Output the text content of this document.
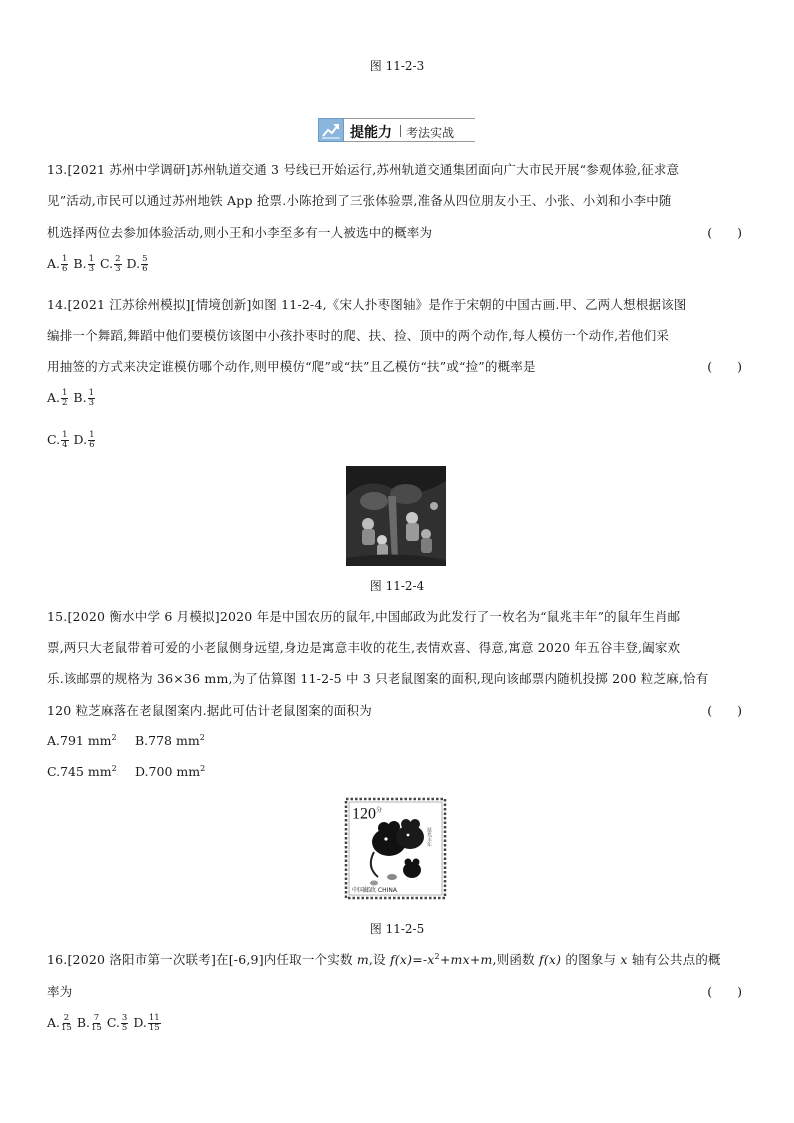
图 11-2-3
提能力 考法实战
13.[2021 苏州中学调研]苏州轨道交通 3 号线已开始运行,苏州轨道交通集团面向广大市民开展“参观体验,征求意
见”活动,市民可以通过苏州地铁 App 抢票.小陈抢到了三张体验票,准备从四位朋友小王、小张、小刘和小李中随
机选择两位去参加体验活动,则小王和小李至多有一人被选中的概率为	(　　)
A. $\frac{1}{6} B$. $\frac{1}{3} C$. $\frac{2}{3} D$. $\frac{5}{6}$
14.[2021 江苏徐州模拟][情境创新]如图 11-2-4,《宋人扑枣图轴》是作于宋朝的中国古画.甲、乙两人想根据该图
编排一个舞蹈,舞蹈中他们要模仿该图中小孩扑枣时的爬、扶、捡、顶中的两个动作,每人模仿一个动作,若他们采
用抽签的方式来决定谁模仿哪个动作,则甲模仿“爬”或“扶”且乙模仿“扶”或“捡”的概率是	(　　)
A. $\frac{1}{2} B$. $\frac{1}{3}$
C. $\frac{1}{4} D$. $\frac{1}{6}$
图 11-2-4
15.[2020 衡水中学 6 月模拟]2020 年是中国农历的鼠年,中国邮政为此发行了一枚名为“鼠兆丰年”的鼠年生肖邮
票,两只大老鼠带着可爱的小老鼠侧身远望,身边是寓意丰收的花生,表情欢喜、得意,寓意 2020 年五谷丰登,阖家欢
乐.该邮票的规格为 36×36 mm,为了估算图 11-2-5 中 3 只老鼠图案的面积,现向该邮票内随机投掷 200 粒芝麻,恰有
120 粒芝麻落在老鼠图案内.据此可估计老鼠图案的面积为	(　　)
A.791 $mm^2$ B.778 $mm^2$
C.745 $mm^2$ D.700 $mm^2$
鼠兆丰年
$120^分$
中国邮政 CHINA
图 11-2-5
16.[2020 洛阳市第一次联考]在[-6,9]内任取一个实数 m,设 $f(x)=-x^2+mx+m$,则函数 f(x) 的图象与 x 轴有公共点的概
率为	(　　)
A. $\frac{2}{15} B$. $\frac{7}{15} C$. $\frac{3}{5} D$. $\frac{11}{15}$
